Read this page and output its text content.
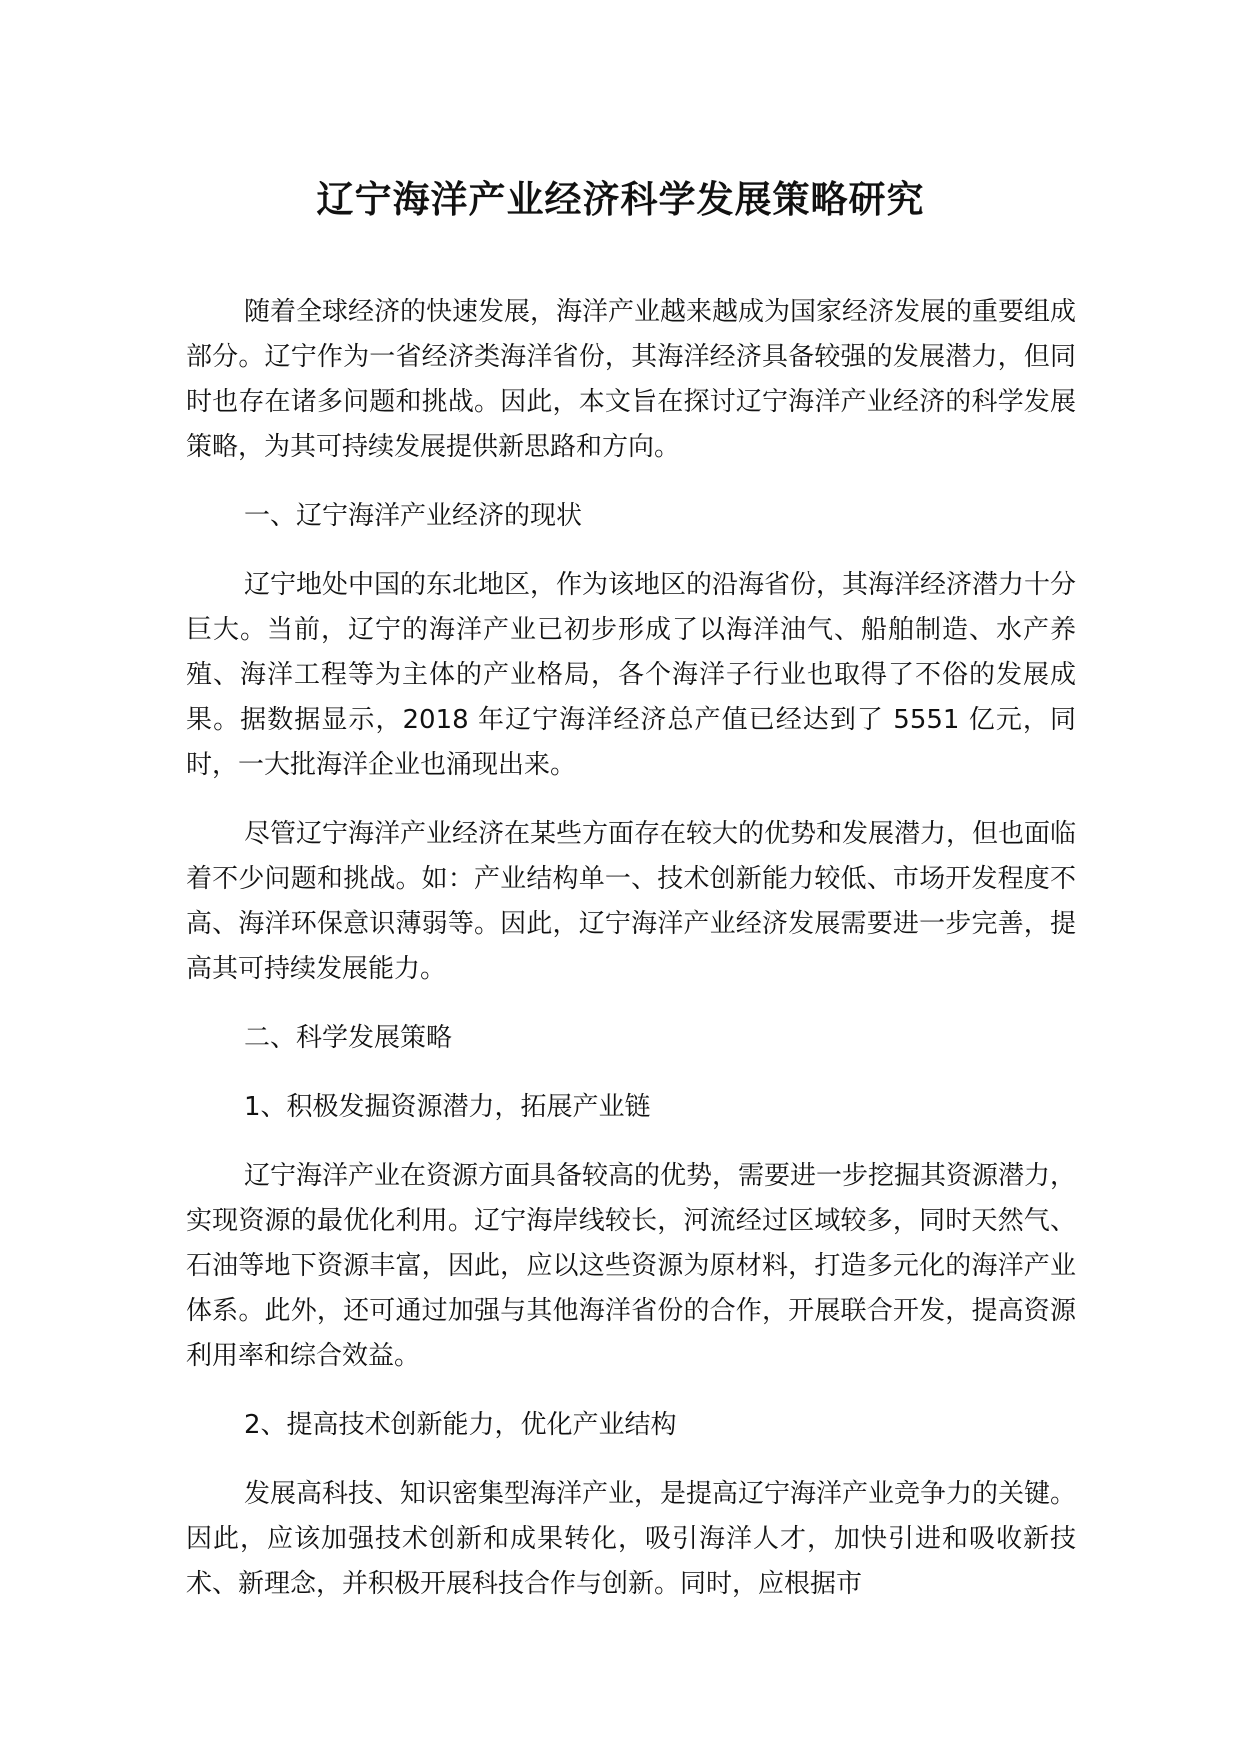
辽宁海洋产业经济科学发展策略研究

随着全球经济的快速发展，海洋产业越来越成为国家经济发展的重要组成部分。辽宁作为一省经济类海洋省份，其海洋经济具备较强的发展潜力，但同时也存在诸多问题和挑战。因此，本文旨在探讨辽宁海洋产业经济的科学发展策略，为其可持续发展提供新思路和方向。

一、辽宁海洋产业经济的现状

辽宁地处中国的东北地区，作为该地区的沿海省份，其海洋经济潜力十分巨大。当前，辽宁的海洋产业已初步形成了以海洋油气、船舶制造、水产养殖、海洋工程等为主体的产业格局，各个海洋子行业也取得了不俗的发展成果。据数据显示，2018 年辽宁海洋经济总产值已经达到了 5551 亿元，同时，一大批海洋企业也涌现出来。

尽管辽宁海洋产业经济在某些方面存在较大的优势和发展潜力，但也面临着不少问题和挑战。如：产业结构单一、技术创新能力较低、市场开发程度不高、海洋环保意识薄弱等。因此，辽宁海洋产业经济发展需要进一步完善，提高其可持续发展能力。

二、科学发展策略

1、积极发掘资源潜力，拓展产业链

辽宁海洋产业在资源方面具备较高的优势，需要进一步挖掘其资源潜力，实现资源的最优化利用。辽宁海岸线较长，河流经过区域较多，同时天然气、石油等地下资源丰富，因此，应以这些资源为原材料，打造多元化的海洋产业体系。此外，还可通过加强与其他海洋省份的合作，开展联合开发，提高资源利用率和综合效益。

2、提高技术创新能力，优化产业结构

发展高科技、知识密集型海洋产业，是提高辽宁海洋产业竞争力的关键。因此，应该加强技术创新和成果转化，吸引海洋人才，加快引进和吸收新技术、新理念，并积极开展科技合作与创新。同时，应根据市
